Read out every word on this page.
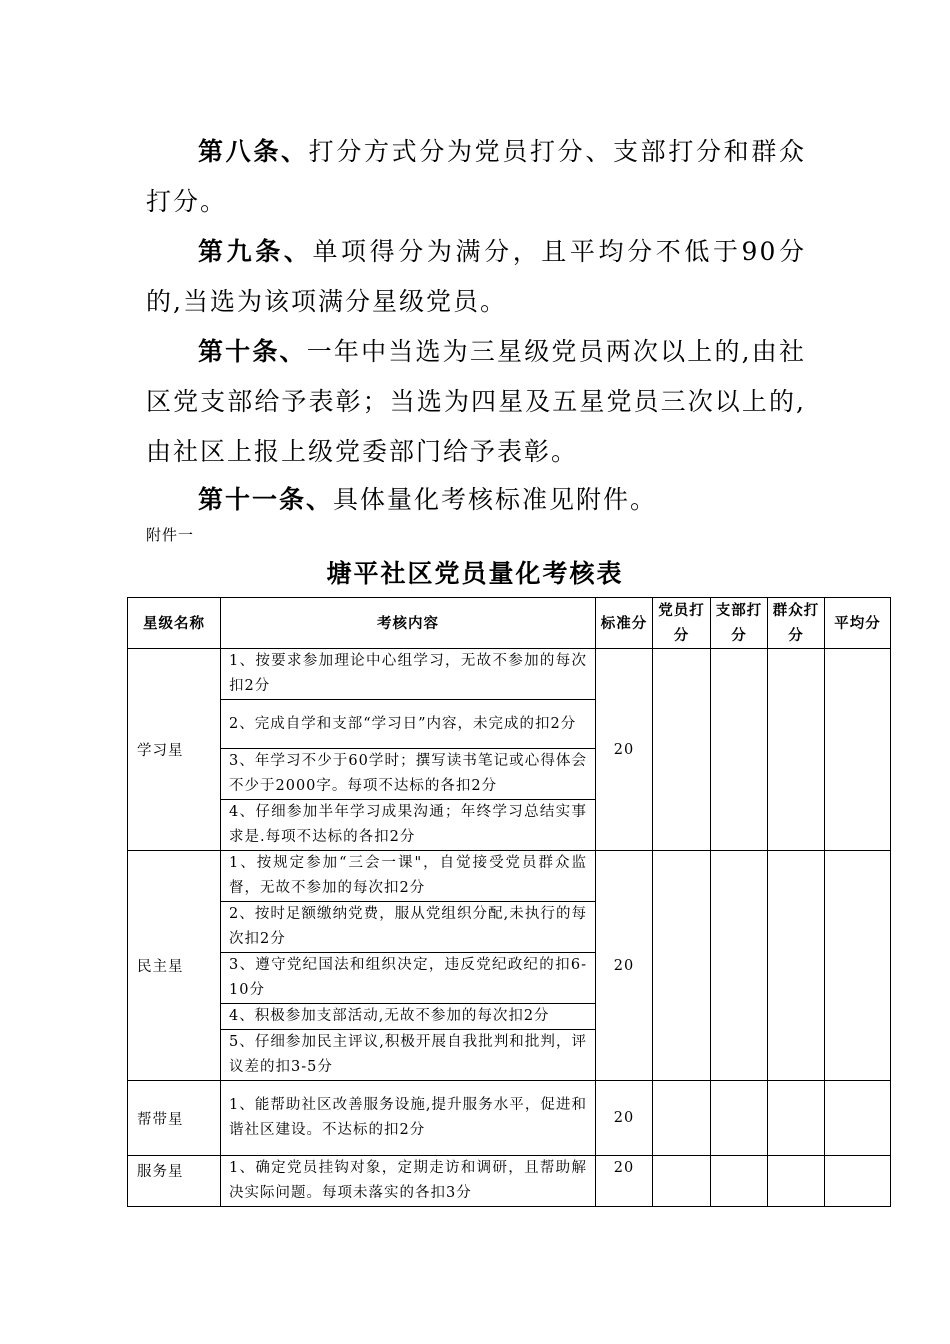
第八条、打分方式分为党员打分、支部打分和群众打分。

第九条、单项得分为满分，且平均分不低于90分的,当选为该项满分星级党员。

第十条、一年中当选为三星级党员两次以上的,由社区党支部给予表彰；当选为四星及五星党员三次以上的,由社区上报上级党委部门给予表彰。

第十一条、具体量化考核标准见附件。

附件一
塘平社区党员量化考核表
星级名称	考核内容	标准分	党员打分	支部打分	群众打分	平均分
学习星	1、按要求参加理论中心组学习，无故不参加的每次扣2分	20				
	2、完成自学和支部“学习日”内容，未完成的扣2分					
	3、年学习不少于60学时；撰写读书笔记或心得体会不少于2000字。每项不达标的各扣2分					
	4、仔细参加半年学习成果沟通；年终学习总结实事求是.每项不达标的各扣2分					
民主星	1、按规定参加“三会一课"，自觉接受党员群众监督，无故不参加的每次扣2分	20				
	2、按时足额缴纳党费，服从党组织分配,未执行的每次扣2分					
	3、遵守党纪国法和组织决定，违反党纪政纪的扣6-10分					
	4、积极参加支部活动,无故不参加的每次扣2分					
	5、仔细参加民主评议,积极开展自我批判和批判，评议差的扣3-5分					
帮带星	1、能帮助社区改善服务设施,提升服务水平，促进和谐社区建设。不达标的扣2分	20				
服务星	1、确定党员挂钩对象，定期走访和调研，且帮助解决实际问题。每项未落实的各扣3分	20				
